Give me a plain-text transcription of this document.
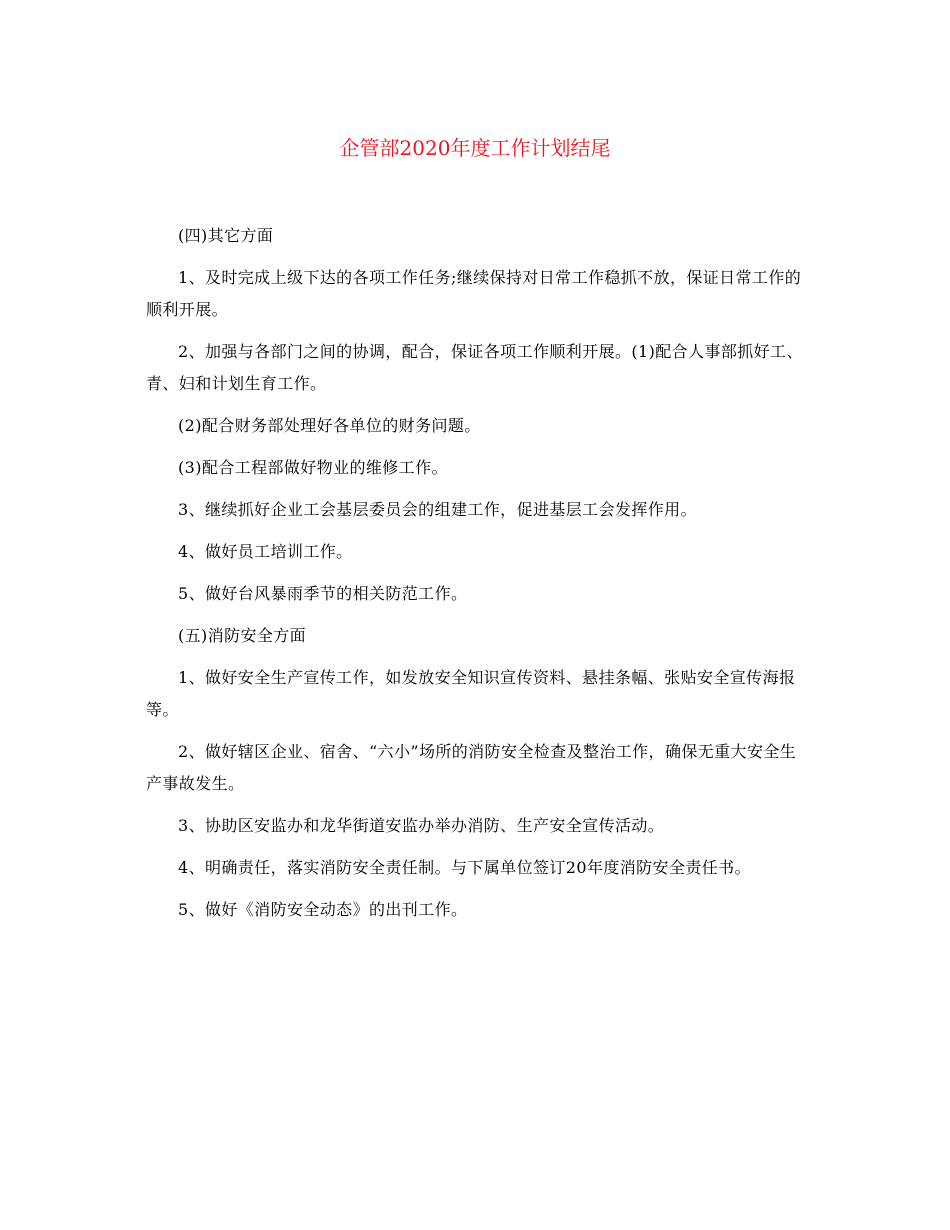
企管部2020年度工作计划结尾

(四)其它方面

1、及时完成上级下达的各项工作任务;继续保持对日常工作稳抓不放，保证日常工作的顺利开展。

2、加强与各部门之间的协调，配合，保证各项工作顺利开展。(1)配合人事部抓好工、青、妇和计划生育工作。

(2)配合财务部处理好各单位的财务问题。

(3)配合工程部做好物业的维修工作。

3、继续抓好企业工会基层委员会的组建工作，促进基层工会发挥作用。

4、做好员工培训工作。

5、做好台风暴雨季节的相关防范工作。

(五)消防安全方面

1、做好安全生产宣传工作，如发放安全知识宣传资料、悬挂条幅、张贴安全宣传海报等。

2、做好辖区企业、宿舍、“六小”场所的消防安全检查及整治工作，确保无重大安全生产事故发生。

3、协助区安监办和龙华街道安监办举办消防、生产安全宣传活动。

4、明确责任，落实消防安全责任制。与下属单位签订20年度消防安全责任书。

5、做好《消防安全动态》的出刊工作。
